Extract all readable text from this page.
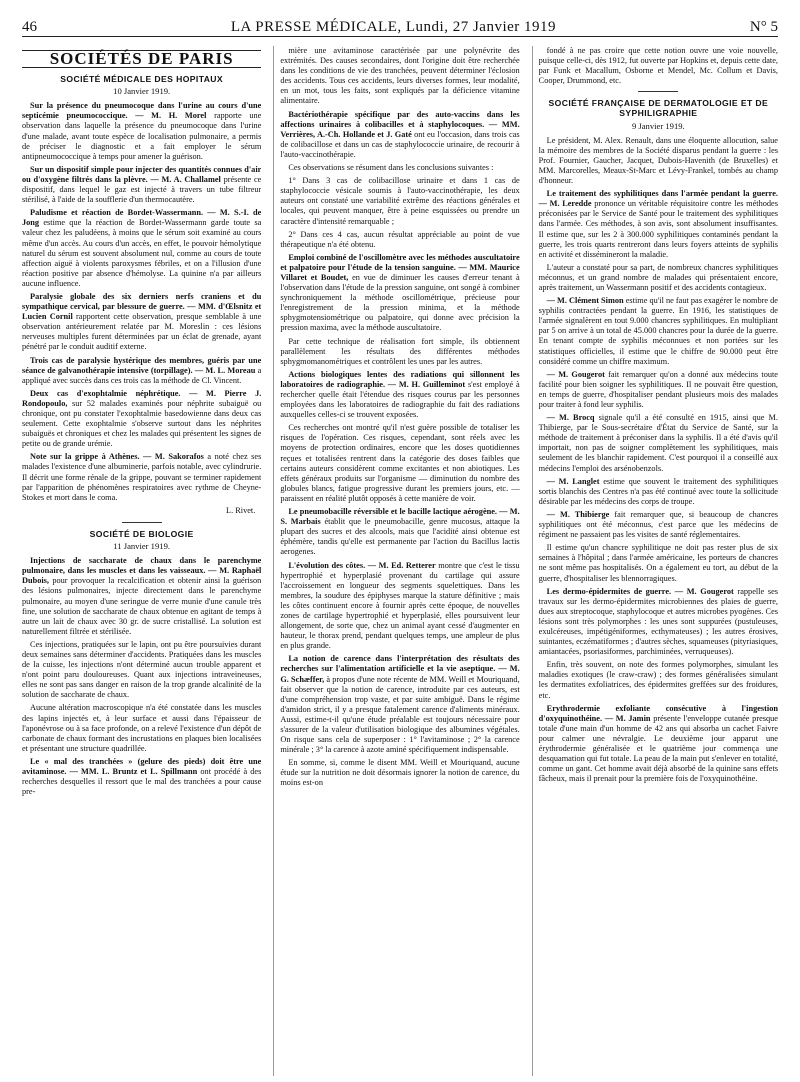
46	LA PRESSE MÉDICALE, Lundi, 27 Janvier 1919	N° 5
SOCIÉTÉS DE PARIS
SOCIÉTÉ MÉDICALE DES HOPITAUX
10 Janvier 1919.

Sur la présence du pneumocoque dans l'urine au cours d'une septicémie pneumococcique. — M. H. Morel rapporte une observation dans laquelle la présence du pneumocoque dans l'urine d'une malade, avant toute espèce de localisation pulmonaire, a permis de préciser le diagnostic et a fait employer le sérum antipneumococcique à temps pour amener la guérison.

Sur un dispositif simple pour injecter des quantités connues d'air ou d'oxygène filtrés dans la plèvre. — M. A. Challamel présente ce dispositif, dans lequel le gaz est injecté à travers un tube filtreur stérilisé, à l'aide de la soufflerie d'un thermocautère.

Paludisme et réaction de Bordet-Wassermann. — M. S.-I. de Jong estime que la réaction de Bordet-Wassermann garde toute sa valeur chez les paludéens, à moins que le sérum soit examiné au cours même d'un accès. Au cours d'un accès, en effet, le pouvoir hémolytique naturel du sérum est souvent absolument nul, comme au cours de toute affection aiguë à violents paroxysmes fébriles, et on a l'illusion d'une réaction positive par absence d'hémolyse. La quinine n'a par ailleurs aucune influence.

Paralysie globale des six derniers nerfs craniens et du sympathique cervical, par blessure de guerre. — MM. d'Œlsnitz et Lucien Cornil rapportent cette observation, presque semblable à une observation antérieurement relatée par M. Moreslin : ces lésions nerveuses multiples furent déterminées par un éclat de grenade, ayant pénétré par le conduit auditif externe.

Trois cas de paralysie hystérique des membres, guéris par une séance de galvanothérapie intensive (torpillage). — M. L. Moreau a appliqué avec succès dans ces trois cas la méthode de Cl. Vincent.

Deux cas d'exophtalmie néphrétique. — M. Pierre J. Rondopoulo, sur 52 malades examinés pour néphrite subaiguë ou chronique, ont pu constater l'exophtalmie basedowienne dans deux cas seulement. Cette exophtalmie s'observe surtout dans les néphrites subaiguës et chroniques et chez les malades qui présentent les signes de petite ou de grande urémie.

Note sur la grippe à Athènes. — M. Sakorafos a noté chez ses malades l'existence d'une albuminerie, parfois notable, avec cylindrurie. Il décrit une forme rénale de la grippe, pouvant se terminer rapidement par l'apparition de phénomènes respiratoires avec rythme de Cheyne-Stokes et mort dans le coma.

L. Rivet.
SOCIÉTÉ DE BIOLOGIE
11 Janvier 1919.

Injections de saccharate de chaux dans le parenchyme pulmonaire, dans les muscles et dans les vaisseaux. — M. Raphaël Dubois, pour provoquer la recalcification et obtenir ainsi la guérison des lésions pulmonaires, injecte directement dans le parenchyme pulmonaire, au moyen d'une seringue de verre munie d'une canule très fine, une solution de saccharate de chaux obtenue en agitant de temps à autre un lait de chaux avec 30 gr. de sucre cristallisé. La solution est naturellement filtrée et stérilisée.

Ces injections, pratiquées sur le lapin, ont pu être poursuivies durant deux semaines sans déterminer d'accidents. Pratiquées dans les muscles de la cuisse, les injections n'ont déterminé aucun trouble apparent et n'ont point paru douloureuses. Quant aux injections intraveineuses, elles ne sont pas sans danger en raison de la trop grande alcalinité de la solution de saccharate de chaux.

Aucune altération macroscopique n'a été constatée dans les muscles des lapins injectés et, à leur surface et aussi dans l'épaisseur de l'aponévrose ou à sa face profonde, on a relevé l'existence d'un dépôt de carbonate de chaux formant des incrustations en plaques bien localisées et présentant une structure quadrillée.

Le « mal des tranchées » (gelure des pieds) doit être une avitaminose. — MM. L. Bruntz et L. Spillmann ont procédé à des recherches desquelles il ressort que le mal des tranchées a pour cause pre-

mière une avitaminose caractérisée par une polynévrite des extrémités. Des causes secondaires, dont l'origine doit être recherchée dans les conditions de vie des tranchées, peuvent déterminer l'éclosion des accidents. Tous ces accidents, leurs diverses formes, leur modalité, en un mot, tous les faits, sont expliqués par la déficience vitamine alimentaire.

Bactériothérapie spécifique par des auto-vaccins dans les affections urinaires à colibacilles et à staphylocoques. — MM. Verrières, A.-Ch. Hollande et J. Gaté ont eu l'occasion, dans trois cas de colibacillose et dans un cas de staphylococcie urinaire, de recourir à l'auto-vaccinothérapie.

Ces observations se résument dans les conclusions suivantes :

1° Dans 3 cas de colibacillose urinaire et dans 1 cas de staphylococcie vésicale soumis à l'auto-vaccinothérapie, les deux auteurs ont constaté une variabilité extrême des réactions générales et locales, qui peuvent manquer, être à peine esquissées ou prendre un caractère d'intensité remarquable ;

2° Dans ces 4 cas, aucun résultat appréciable au point de vue thérapeutique n'a été obtenu.

Emploi combiné de l'oscillomètre avec les méthodes auscultatoire et palpatoire pour l'étude de la tension sanguine. — MM. Maurice Villaret et Boudet, en vue de diminuer les causes d'erreur tenant à l'observation dans l'étude de la pression sanguine, ont songé à combiner synchroniquement la méthode oscillométrique, précieuse pour l'enregistrement de la pression minima, et la méthode sphygmotensiométrique ou palpatoire, qui donne avec précision la pression maxima, avec la méthode auscultatoire.

Par cette technique de réalisation fort simple, ils obtiennent parallèlement les résultats des différentes méthodes sphygmomanométriques et contrôlent les unes par les autres.

Actions biologiques lentes des radiations qui sillonnent les laboratoires de radiographie. — M. H. Guilleminot s'est employé à rechercher quelle était l'étendue des risques courus par les personnes employées dans les laboratoires de radiographie du fait des radiations auxquelles celles-ci se trouvent exposées.

Ces recherches ont montré qu'il n'est guère possible de totaliser les risques de l'opération. Ces risques, cependant, sont réels avec les moyens de protection ordinaires, encore que les doses quotidiennes reçues et totalisées rentrent dans la catégorie des doses faibles que certains auteurs considèrent comme excitantes et non abiotiques. Les effets généraux produits sur l'organisme — diminution du nombre des globules blancs, fatigue progressive durant les premiers jours, etc. — paraissent en réalité plutôt opposés à cette manière de voir.

Le pneumobacille réversible et le bacille lactique aérogène. — M. S. Marbais établit que le pneumobacille, genre mucosus, attaque la plupart des sucres et des alcools, mais que l'acidité ainsi obtenue est éphémère, tandis qu'elle est permanente par l'action du Bacillus lactis aerogenes.

L'évolution des côtes. — M. Ed. Retterer montre que c'est le tissu hypertrophié et hyperplasié provenant du cartilage qui assure l'accroissement en longueur des segments squelettiques. Dans les membres, la soudure des épiphyses marque la stature définitive ; mais les côtes continuent encore à fournir après cette époque, de nouvelles zones de cartilage hypertrophié et hyperplasié, elles poursuivent leur allongement, de sorte que, chez un animal ayant cessé d'augmenter en hauteur, le thorax prend, pendant quelques temps, une ampleur de plus en plus grande.

La notion de carence dans l'interprétation des résultats des recherches sur l'alimentation artificielle et la vie aseptique. — M. G. Schæffer, à propos d'une note récente de MM. Weill et Mouriquand, fait observer que la notion de carence, introduite par ces auteurs, est d'une compréhension trop vaste, et par suite ambiguë. Dans le régime d'amidon strict, il y a presque fatalement carence d'aliments minéraux. Aussi, estime-t-il qu'une étude préalable est toujours nécessaire pour s'assurer de la valeur d'utilisation biologique des albumines végétales. On risque sans cela de superposer : 1° l'avitaminose ; 2° la carence minérale ; 3° la carence à azote aminé spécifiquement indispensable.

En somme, si, comme le disent MM. Weill et Mouriquand, aucune étude sur la nutrition ne doit désormais ignorer la notion de carence, du moins est-on

fondé à ne pas croire que cette notion ouvre une voie nouvelle, puisque celle-ci, dès 1912, fut ouverte par Hopkins et, depuis cette date, par Funk et Macallum, Osborne et Mendel, Mc. Collum et Davis, Cooper, Drummond, etc.

SOCIÉTÉ FRANÇAISE DE DERMATOLOGIE ET DE SYPHILIGRAPHIE
9 Janvier 1919.

Le président, M. Alex. Renault, dans une éloquente allocution, salue la mémoire des membres de la Société disparus pendant la guerre : les Prof. Fournier, Gaucher, Jacquet, Dubois-Havenith (de Bruxelles) et MM. Marcorelles, Meaux-St-Marc et Lévy-Frankel, tombés au champ d'honneur.

Le traitement des syphilitiques dans l'armée pendant la guerre. — M. Leredde prononce un véritable réquisitoire contre les méthodes préconisées par le Service de Santé pour le traitement des syphilitiques dans l'armée. Ces méthodes, à son avis, sont absolument insuffisantes. Il estime que, sur les 2 à 300.000 syphilitiques contaminés pendant la guerre, les trois quarts rentreront dans leurs foyers atteints de syphilis en activité et dissémineront la maladie.

L'auteur a constaté pour sa part, de nombreux chancres syphilitiques méconnus, et un grand nombre de malades qui présentaient encore, après traitement, un Wassermann positif et des accidents contagieux.

— M. Clément Simon estime qu'il ne faut pas exagérer le nombre de syphilis contractées pendant la guerre. En 1916, les statistiques de l'armée signalèrent en tout 9.000 chancres syphilitiques. En multipliant par 5 on arrive à un total de 45.000 chancres pour la durée de la guerre. En tenant compte de syphilis méconnues et non portées sur les statistiques officielles, il estime que le chiffre de 90.000 peut être considéré comme un chiffre maximum.

— M. Gougerot fait remarquer qu'on a donné aux médecins toute facilité pour bien soigner les syphilitiques. Il ne pouvait être question, en temps de guerre, d'hospitaliser pendant plusieurs mois des malades pour traiter à fond leur syphilis.

— M. Brocq signale qu'il a été consulté en 1915, ainsi que M. Thibierge, par le Sous-secrétaire d'État du Service de Santé, sur la méthode de traitement à préconiser dans la syphilis. Il a été d'avis qu'il importait, non pas de soigner complètement les syphilitiques, mais seulement de les blanchir rapidement. C'est pourquoi il a conseillé aux médecins l'emploi des arsénobenzols.

— M. Langlet estime que souvent le traitement des syphilitiques sortis blanchis des Centres n'a pas été continué avec toute la sollicitude désirable par les médecins des corps de troupe.

— M. Thibierge fait remarquer que, si beaucoup de chancres syphilitiques ont été méconnus, c'est parce que les médecins de régiment ne passaient pas les visites de santé réglementaires.

Il estime qu'un chancre syphilitique ne doit pas rester plus de six semaines à l'hôpital ; dans l'armée américaine, les porteurs de chancres ne sont même pas hospitalisés. On a également eu tort, au début de la guerre, d'hospitaliser les blennorragiques.

Les dermo-épidermites de guerre. — M. Gougerot rappelle ses travaux sur les dermo-épidermites microbiennes des plaies de guerre, dues aux streptocoque, staphylocoque et autres microbes pyogènes. Ces lésions sont très polymorphes : les unes sont suppurées (pustuleuses, exulcéreuses, impétigéniformes, ecthymateuses) ; les autres érosives, suintantes, eczématiformes ; d'autres sèches, squameuses (pityriasiques, amiantacées, psoriasiformes, parchiminées, verruqueuses).

Enfin, très souvent, on note des formes polymorphes, simulant les maladies exotiques (le craw-craw) ; des formes généralisées simulant les dermatites exfoliatrices, des épidermites greffées sur des froidures, etc.

Erythrodermie exfoliante consécutive à l'ingestion d'oxyquinothéine. — M. Jamin présente l'enveloppe cutanée presque totale d'une main d'un homme de 42 ans qui absorba un cachet Faivre pour calmer une névralgie. Le deuxième jour apparut une érythrodermie généralisée et le quatrième jour commença une desquamation qui fut totale. La peau de la main put s'enlever en totalité, comme un gant. Cet homme avait déjà absorbé de la quinine sans effets fâcheux, mais il prenait pour la première fois de l'oxyquinothéine.
